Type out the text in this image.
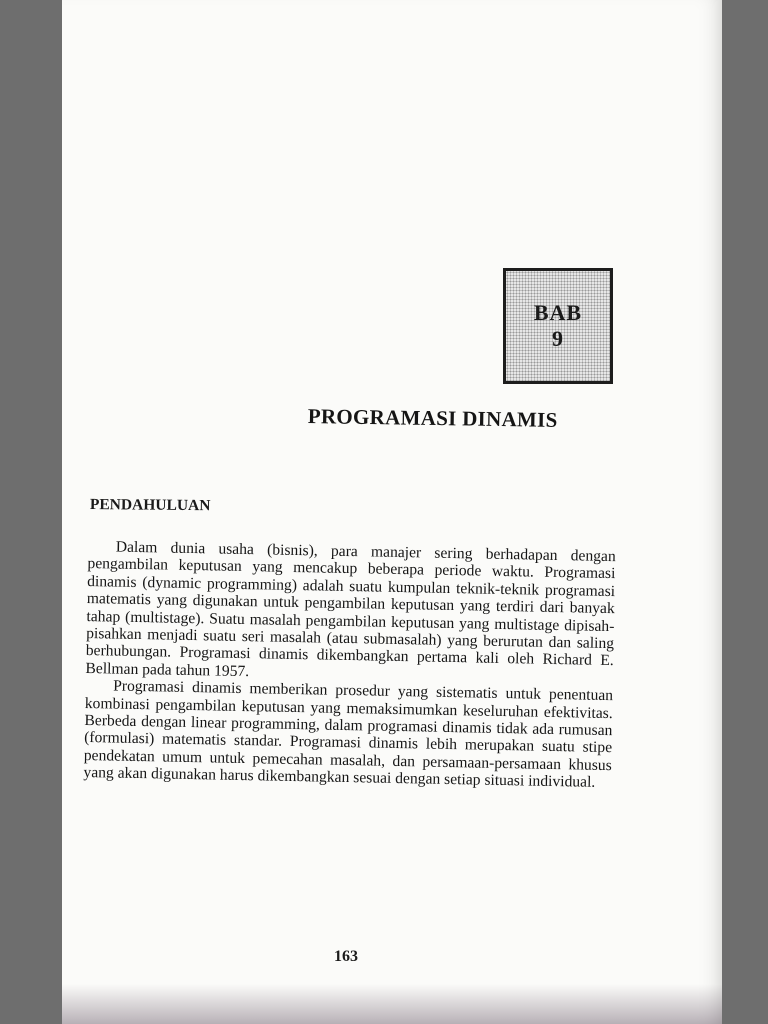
BAB
9
PROGRAMASI DINAMIS
PENDAHULUAN

Dalam dunia usaha (bisnis), para manajer sering berhadapan dengan pengambilan keputusan yang mencakup beberapa periode waktu. Programasi dinamis (dynamic programming) adalah suatu kumpulan teknik-teknik programasi matematis yang digunakan untuk pengambilan keputusan yang terdiri dari banyak tahap (multistage). Suatu masalah pengambilan keputusan yang multistage dipisah-pisahkan menjadi suatu seri masalah (atau submasalah) yang berurutan dan saling berhubungan. Programasi dinamis dikembangkan pertama kali oleh Richard E. Bellman pada tahun 1957.

Programasi dinamis memberikan prosedur yang sistematis untuk penentuan kombinasi pengambilan keputusan yang memaksimumkan keseluruhan efektivitas. Berbeda dengan linear programming, dalam programasi dinamis tidak ada rumusan (formulasi) matematis standar. Programasi dinamis lebih merupakan suatu stipe pendekatan umum untuk pemecahan masalah, dan persamaan-persamaan khusus yang akan digunakan harus dikembangkan sesuai dengan setiap situasi individual.

163
